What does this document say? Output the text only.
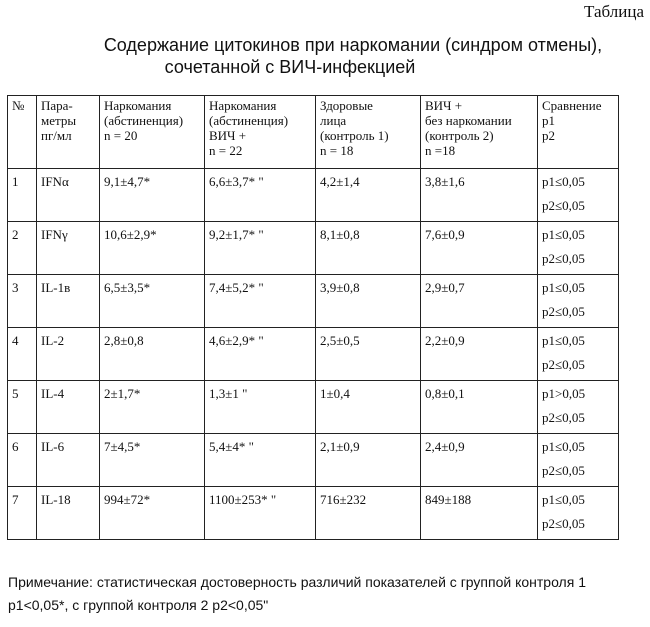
Таблица
Содержание цитокинов при наркомании (синдром отмены),
сочетанной с ВИЧ-инфекцией
№	Пара-
метры
пг/мл	Наркомания
(абстиненция)
n = 20	Наркомания
(абстиненция)
ВИЧ +
n = 22	Здоровые
лица
(контроль 1)
n = 18	ВИЧ +
без наркомании
(контроль 2)
n =18	Сравнение
p1
p2

1	IFNα	9,1±4,7*	6,6±3,7* "	4,2±1,4	3,8±1,6	p1≤0,05
p2≤0,05

2	IFNγ	10,6±2,9*	9,2±1,7* "	8,1±0,8	7,6±0,9	p1≤0,05
p2≤0,05

3	IL-1в	6,5±3,5*	7,4±5,2* "	3,9±0,8	2,9±0,7	p1≤0,05
p2≤0,05

4	IL-2	2,8±0,8	4,6±2,9* "	2,5±0,5	2,2±0,9	p1≤0,05
p2≤0,05

5	IL-4	2±1,7*	1,3±1 "	1±0,4	0,8±0,1	p1>0,05
p2≤0,05

6	IL-6	7±4,5*	5,4±4* "	2,1±0,9	2,4±0,9	p1≤0,05
p2≤0,05

7	IL-18	994±72*	1100±253* "	716±232	849±188	p1≤0,05
p2≤0,05
Примечание: статистическая достоверность различий показателей с группой контроля 1
p1<0,05*, с группой контроля 2 p2<0,05"
